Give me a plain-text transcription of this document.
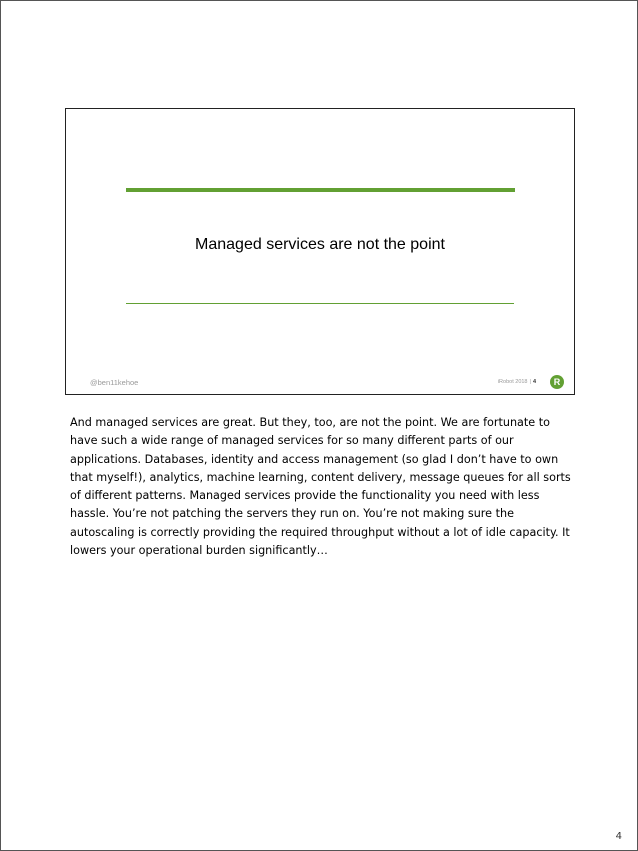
Managed services are not the point
@ben11kehoe	iRobot 2018 | 4	R
And managed services are great. But they, too, are not the point. We are fortunate to have such a wide range of managed services for so many different parts of our applications. Databases, identity and access management (so glad I don’t have to own that myself!), analytics, machine learning, content delivery, message queues for all sorts of different patterns. Managed services provide the functionality you need with less hassle. You’re not patching the servers they run on. You’re not making sure the autoscaling is correctly providing the required throughput without a lot of idle capacity. It lowers your operational burden significantly…
4
